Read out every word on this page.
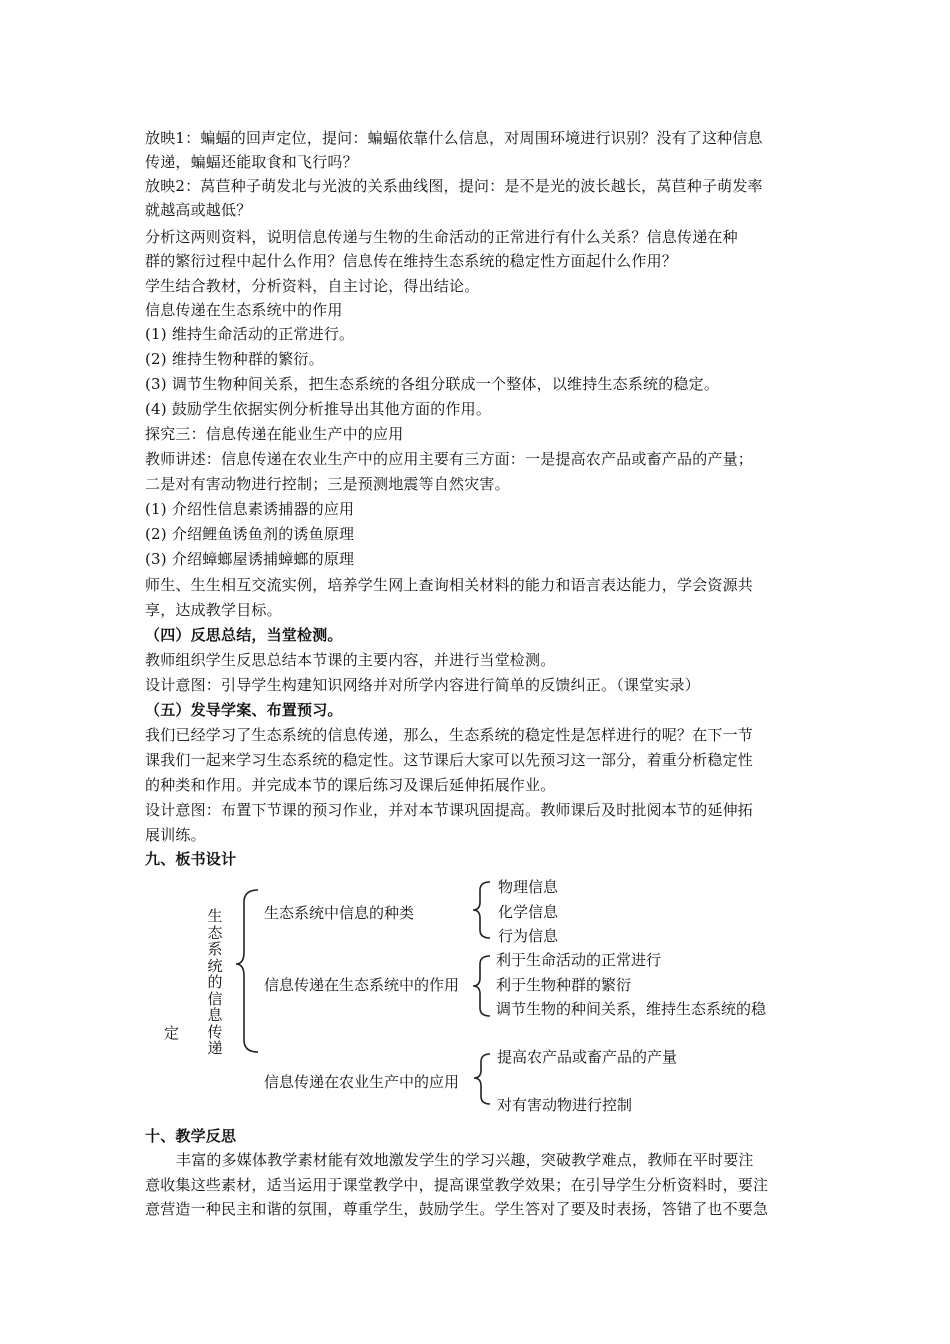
放映1：蝙蝠的回声定位，提问：蝙蝠依靠什么信息，对周围环境进行识别？没有了这种信息
传递，蝙蝠还能取食和飞行吗？
放映2：莴苣种子萌发北与光波的关系曲线图，提问：是不是光的波长越长，莴苣种子萌发率
就越高或越低？
分析这两则资料，说明信息传递与生物的生命活动的正常进行有什么关系？信息传递在种
群的繁衍过程中起什么作用？信息传在维持生态系统的稳定性方面起什么作用？
学生结合教材，分析资料，自主讨论，得出结论。
信息传递在生态系统中的作用
(1) 维持生命活动的正常进行。
(2) 维持生物种群的繁衍。
(3) 调节生物种间关系，把生态系统的各组分联成一个整体，以维持生态系统的稳定。
(4) 鼓励学生依据实例分析推导出其他方面的作用。
探究三：信息传递在能业生产中的应用
教师讲述：信息传递在农业生产中的应用主要有三方面：一是提高农产品或畜产品的产量；
二是对有害动物进行控制；三是预测地震等自然灾害。
(1) 介绍性信息素诱捕器的应用
(2) 介绍鲤鱼诱鱼剂的诱鱼原理
(3) 介绍蟑螂屋诱捕蟑螂的原理
师生、生生相互交流实例，培养学生网上查询相关材料的能力和语言表达能力，学会资源共
享，达成教学目标。
（四）反思总结，当堂检测。
教师组织学生反思总结本节课的主要内容，并进行当堂检测。
设计意图：引导学生构建知识网络并对所学内容进行简单的反馈纠正。（课堂实录）
（五）发导学案、布置预习。
我们已经学习了生态系统的信息传递，那么，生态系统的稳定性是怎样进行的呢？在下一节
课我们一起来学习生态系统的稳定性。这节课后大家可以先预习这一部分，着重分析稳定性
的种类和作用。并完成本节的课后练习及课后延伸拓展作业。
设计意图：布置下节课的预习作业，并对本节课巩固提高。教师课后及时批阅本节的延伸拓
展训练。
九、板书设计
定
生态系统的信息传递
生态系统中信息的种类
物理信息
化学信息
行为信息
信息传递在生态系统中的作用
利于生命活动的正常进行
利于生物种群的繁衍
调节生物的种间关系，维持生态系统的稳
信息传递在农业生产中的应用
提高农产品或畜产品的产量
对有害动物进行控制
十、教学反思
丰富的多媒体教学素材能有效地激发学生的学习兴趣，突破教学难点，教师在平时要注
意收集这些素材，适当运用于课堂教学中，提高课堂教学效果；在引导学生分析资料时，要注
意营造一种民主和谐的氛围，尊重学生，鼓励学生。学生答对了要及时表扬，答错了也不要急
